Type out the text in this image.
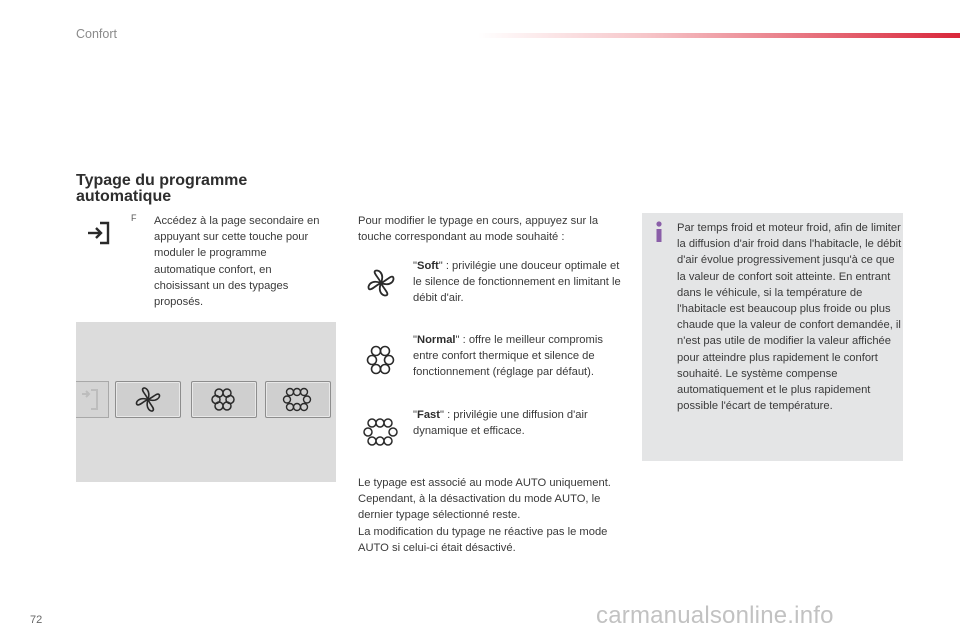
Confort
Typage du programme automatique
F Accédez à la page secondaire en appuyant sur cette touche pour moduler le programme automatique confort, en choisissant un des typages proposés.
Pour modifier le typage en cours, appuyez sur la touche correspondant au mode souhaité :
"Soft" : privilégie une douceur optimale et le silence de fonctionnement en limitant le débit d'air.
"Normal" : offre le meilleur compromis entre confort thermique et silence de fonctionnement (réglage par défaut).
"Fast" : privilégie une diffusion d'air dynamique et efficace.
Le typage est associé au mode AUTO uniquement. Cependant, à la désactivation du mode AUTO, le dernier typage sélectionné reste.
La modification du typage ne réactive pas le mode AUTO si celui-ci était désactivé.
Par temps froid et moteur froid, afin de limiter la diffusion d'air froid dans l'habitacle, le débit d'air évolue progressivement jusqu'à ce que la valeur de confort soit atteinte. En entrant dans le véhicule, si la température de l'habitacle est beaucoup plus froide ou plus chaude que la valeur de confort demandée, il n'est pas utile de modifier la valeur affichée pour atteindre plus rapidement le confort souhaité. Le système compense automatiquement et le plus rapidement possible l'écart de température.
72	carmanualsonline.info
